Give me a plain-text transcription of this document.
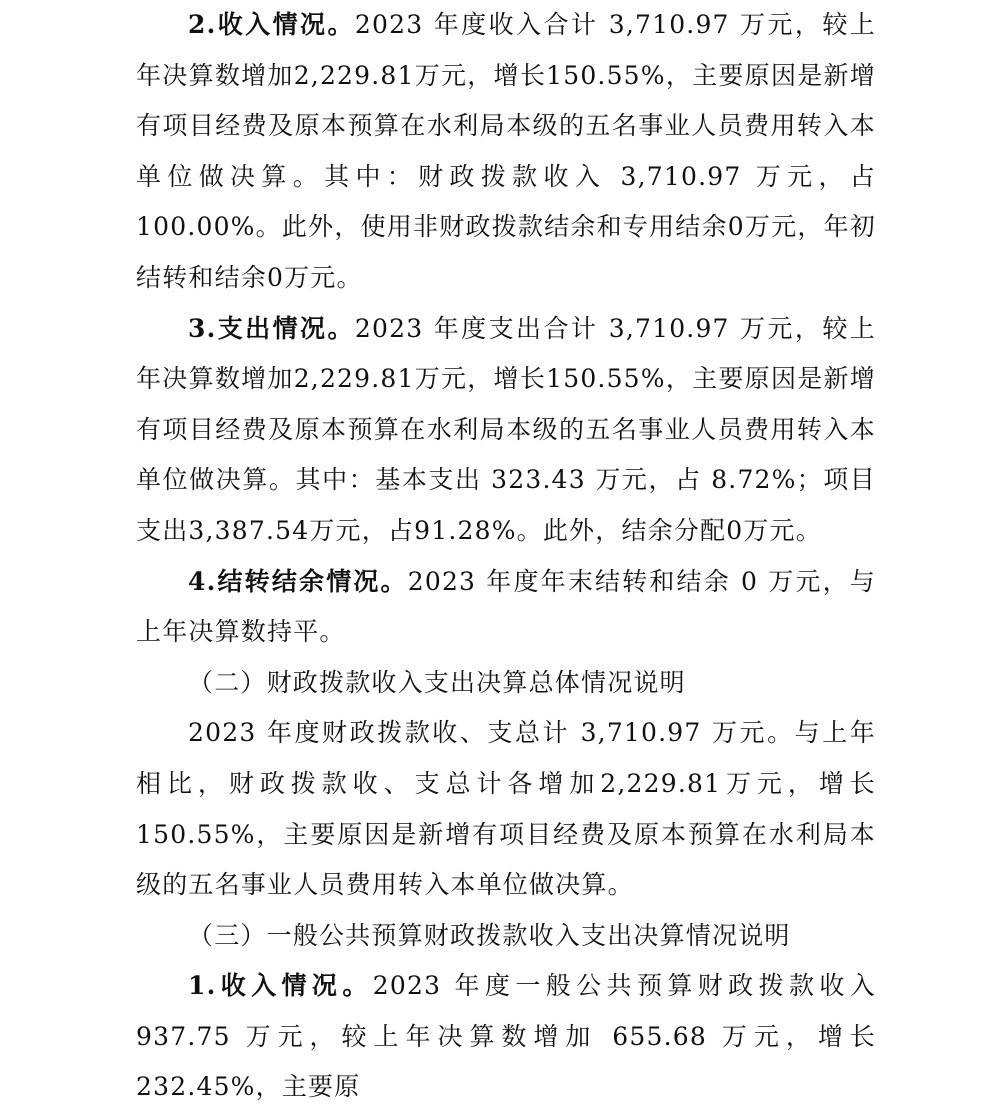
2.收入情况。2023 年度收入合计 3,710.97 万元，较上年决算数增加2,229.81万元，增长150.55%，主要原因是新增有项目经费及原本预算在水利局本级的五名事业人员费用转入本单位做决算。其中：财政拨款收入 3,710.97 万元，占 100.00%。此外，使用非财政拨款结余和专用结余0万元，年初结转和结余0万元。

3.支出情况。2023 年度支出合计 3,710.97 万元，较上年决算数增加2,229.81万元，增长150.55%，主要原因是新增有项目经费及原本预算在水利局本级的五名事业人员费用转入本单位做决算。其中：基本支出 323.43 万元，占 8.72%；项目支出3,387.54万元，占91.28%。此外，结余分配0万元。

4.结转结余情况。2023 年度年末结转和结余 0 万元，与上年决算数持平。

（二）财政拨款收入支出决算总体情况说明

2023 年度财政拨款收、支总计 3,710.97 万元。与上年相比，财政拨款收、支总计各增加2,229.81万元，增长150.55%，主要原因是新增有项目经费及原本预算在水利局本级的五名事业人员费用转入本单位做决算。

（三）一般公共预算财政拨款收入支出决算情况说明

1.收入情况。2023 年度一般公共预算财政拨款收入 937.75 万元，较上年决算数增加 655.68 万元，增长 232.45%，主要原
